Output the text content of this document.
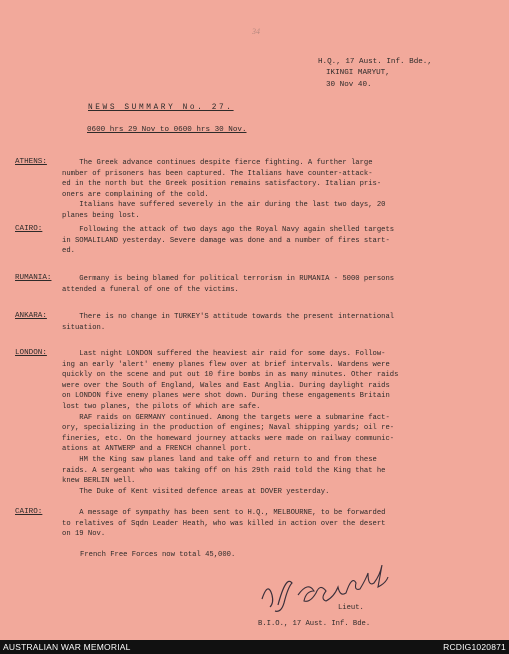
34
H.Q., 17 Aust. Inf. Bde.,
IKINGI MARYUT,
30 Nov 40.
NEWS SUMMARY No. 27.
0600 hrs 29 Nov to 0600 hrs 30 Nov.
ATHENS:	The Greek advance continues despite fierce fighting. A further large
number of prisoners has been captured. The Italians have counter-attack-
ed in the north but the Greek position remains satisfactory. Italian pris-
oners are complaining of the cold.
Italians have suffered severely in the air during the last two days, 20
planes being lost.
CAIRO:	Following the attack of two days ago the Royal Navy again shelled targets
in SOMALILAND yesterday. Severe damage was done and a number of fires start-
ed.
RUMANIA:	Germany is being blamed for political terrorism in RUMANIA - 5000 persons
attended a funeral of one of the victims.
ANKARA:	There is no change in TURKEY'S attitude towards the present international
situation.
LONDON:	Last night LONDON suffered the heaviest air raid for some days. Follow-
ing an early 'alert' enemy planes flew over at brief intervals. Wardens were
quickly on the scene and put out 10 fire bombs in as many minutes. Other raids
were over the South of England, Wales and East Anglia. During daylight raids
on LONDON five enemy planes were shot down. During these engagements Britain
lost two planes, the pilots of which are safe.
RAF raids on GERMANY continued. Among the targets were a submarine fact-
ory, specializing in the production of engines; Naval shipping yards; oil re-
fineries, etc. On the homeward journey attacks were made on railway communic-
ations at ANTWERP and a FRENCH channel port.
HM the King saw planes land and take off and return to and from these
raids. A sergeant who was taking off on his 29th raid told the King that he
knew BERLIN well.
The Duke of Kent visited defence areas at DOVER yesterday.
CAIRO:	A message of sympathy has been sent to H.Q., MELBOURNE, to be forwarded
to relatives of Sqdn Leader Heath, who was killed in action over the desert
on 19 Nov.
French Free Forces now total 45,000.
Lieut.
B.I.O., 17 Aust. Inf. Bde.
AUSTRALIAN WAR MEMORIAL	RCDIG1020871
